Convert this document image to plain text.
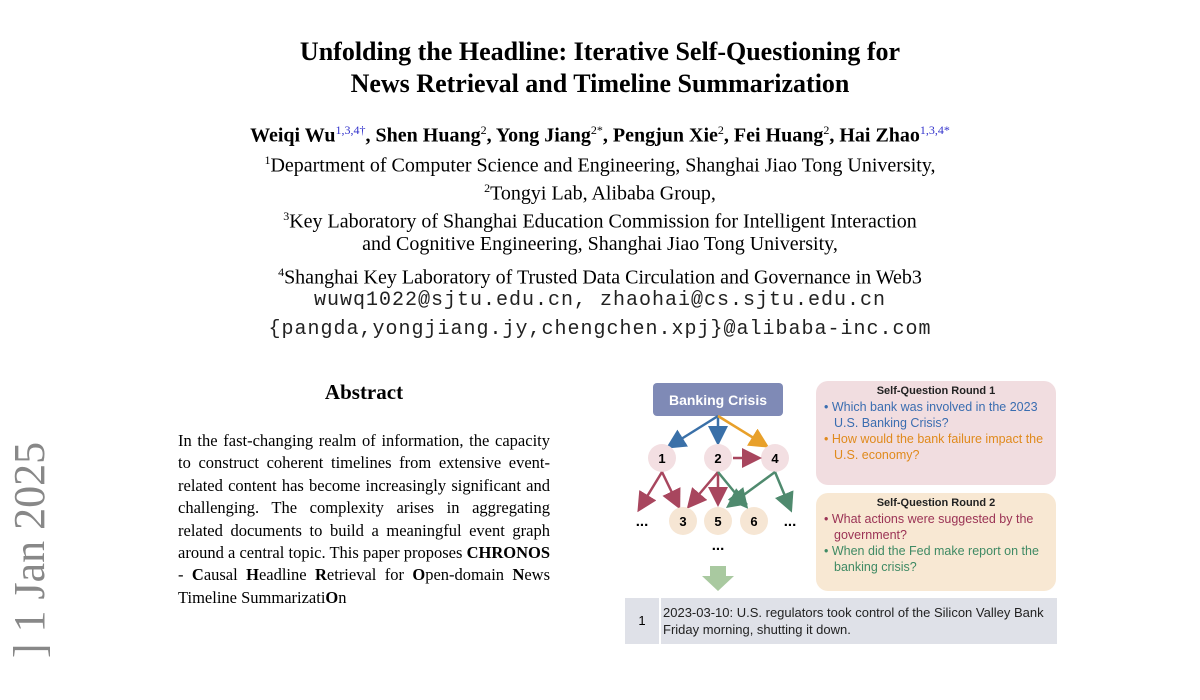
Unfolding the Headline: Iterative Self-Questioning for
News Retrieval and Timeline Summarization
Weiqi $Wu^{1,3,4\dagger}$, Shen Huang$^2$, Yong Jiang$^{2*}$, Pengjun Xie$^2$, Fei Huang$^2$, Hai Zhao$^{1,3,4*}$
$^1$Department of Computer Science and Engineering, Shanghai Jiao Tong University,
$^2$Tongyi Lab, Alibaba Group,
$^3$Key Laboratory of Shanghai Education Commission for Intelligent Interaction
and Cognitive Engineering, Shanghai Jiao Tong University,
$^4$Shanghai Key Laboratory of Trusted Data Circulation and Governance in Web3
wuwq1022@sjtu.edu.cn, zhaohai@cs.sjtu.edu.cn
{pangda,yongjiang.jy,chengchen.xpj}@alibaba-inc.com
] 1 Jan 2025
Abstract
In the fast-changing realm of information, the capacity to construct coherent timelines from extensive event-related content has become increasingly significant and challenging. The complexity arises in aggregating related documents to build a meaningful event graph around a central topic. This paper proposes CHRONOS - Causal Headline Retrieval for Open-domain News Timeline SummarizatiOn
Banking Crisis
1	2	4
... 3 5 6 ...
...
Self-Question Round 1
• Which bank was involved in the 2023 U.S. Banking Crisis?
• How would the bank failure impact the U.S. economy?
Self-Question Round 2
• What actions were suggested by the government?
• When did the Fed make report on the banking crisis?
1
2023-03-10: U.S. regulators took control of the Silicon Valley Bank Friday morning, shutting it down.
